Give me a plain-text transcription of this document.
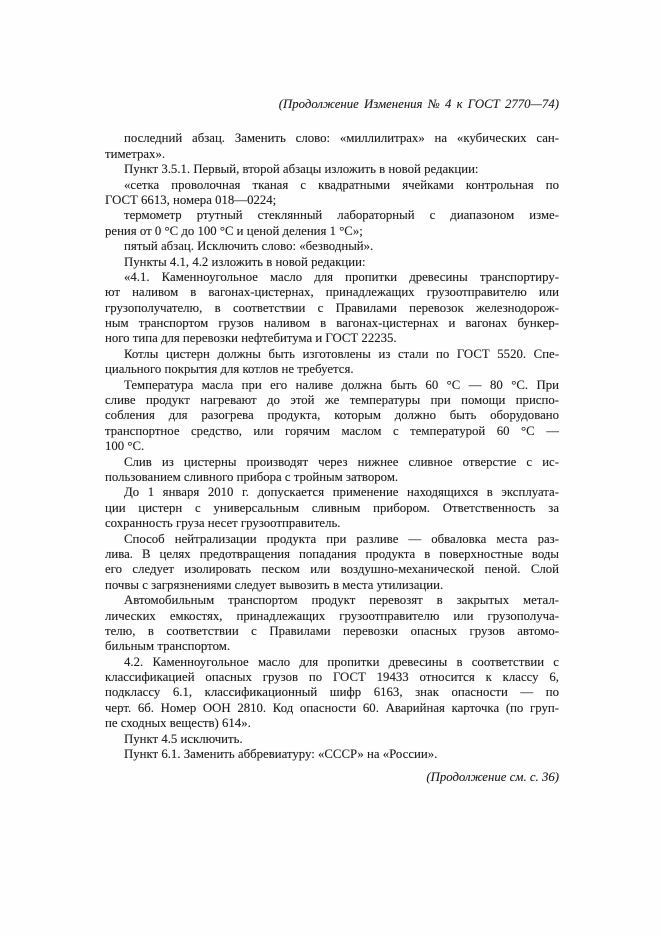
(Продолжение Изменения № 4 к ГОСТ 2770—74)

последний абзац. Заменить слово: «миллилитрах» на «кубических сан-
тиметрах».

Пункт 3.5.1. Первый, второй абзацы изложить в новой редакции:

«сетка проволочная тканая с квадратными ячейками контрольная по
ГОСТ 6613, номера 018—0224;

термометр ртутный стеклянный лабораторный с диапазоном изме-
рения от 0 °С до 100 °С и ценой деления 1 °С»;

пятый абзац. Исключить слово: «безводный».

Пункты 4.1, 4.2 изложить в новой редакции:

«4.1. Каменноугольное масло для пропитки древесины транспортиру-
ют наливом в вагонах-цистернах, принадлежащих грузоотправителю или
грузополучателю, в соответствии с Правилами перевозок железнодорож-
ным транспортом грузов наливом в вагонах-цистернах и вагонах бункер-
ного типа для перевозки нефтебитума и ГОСТ 22235.

Котлы цистерн должны быть изготовлены из стали по ГОСТ 5520. Спе-
циального покрытия для котлов не требуется.

Температура масла при его наливе должна быть 60 °С — 80 °С. При
сливе продукт нагревают до этой же температуры при помощи приспо-
собления для разогрева продукта, которым должно быть оборудовано
транспортное средство, или горячим маслом с температурой 60 °С —
100 °С.

Слив из цистерны производят через нижнее сливное отверстие с ис-
пользованием сливного прибора с тройным затвором.

До 1 января 2010 г. допускается применение находящихся в эксплуата-
ции цистерн с универсальным сливным прибором. Ответственность за
сохранность груза несет грузоотправитель.

Способ нейтрализации продукта при разливе — обваловка места раз-
лива. В целях предотвращения попадания продукта в поверхностные воды
его следует изолировать песком или воздушно-механической пеной. Слой
почвы с загрязнениями следует вывозить в места утилизации.

Автомобильным транспортом продукт перевозят в закрытых метал-
лических емкостях, принадлежащих грузоотправителю или грузополуча-
телю, в соответствии с Правилами перевозки опасных грузов автомо-
бильным транспортом.

4.2. Каменноугольное масло для пропитки древесины в соответствии с
классификацией опасных грузов по ГОСТ 19433 относится к классу 6,
подклассу 6.1, классификационный шифр 6163, знак опасности — по
черт. 6б. Номер ООН 2810. Код опасности 60. Аварийная карточка (по груп-
пе сходных веществ) 614».

Пункт 4.5 исключить.

Пункт 6.1. Заменить аббревиатуру: «СССР» на «России».

(Продолжение см. с. 36)
